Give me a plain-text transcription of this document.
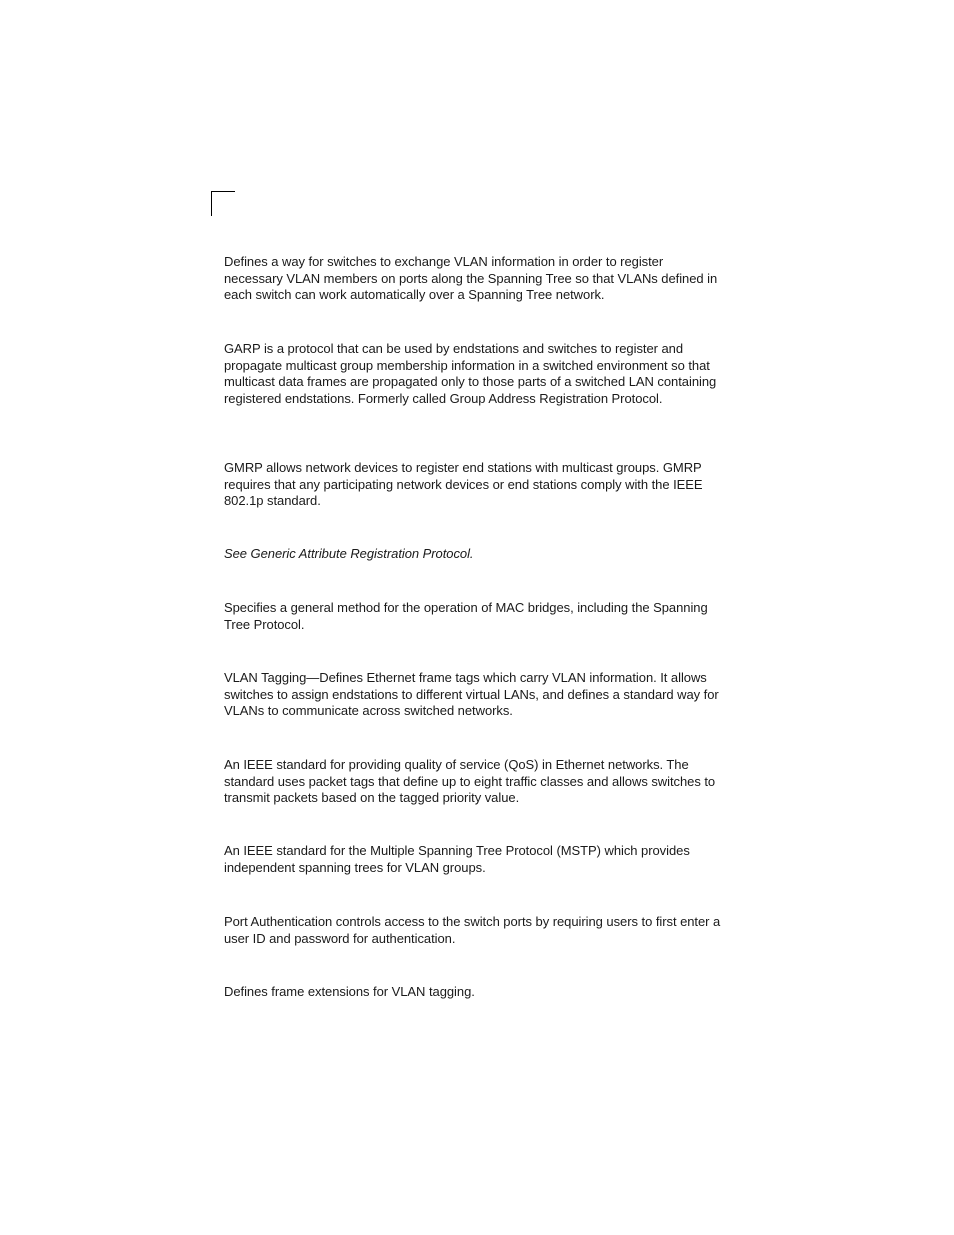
Defines a way for switches to exchange VLAN information in order to register necessary VLAN members on ports along the Spanning Tree so that VLANs defined in each switch can work automatically over a Spanning Tree network.

GARP is a protocol that can be used by endstations and switches to register and propagate multicast group membership information in a switched environment so that multicast data frames are propagated only to those parts of a switched LAN containing registered endstations. Formerly called Group Address Registration Protocol.

GMRP allows network devices to register end stations with multicast groups. GMRP requires that any participating network devices or end stations comply with the IEEE 802.1p standard.

See Generic Attribute Registration Protocol.

Specifies a general method for the operation of MAC bridges, including the Spanning Tree Protocol.

VLAN Tagging—Defines Ethernet frame tags which carry VLAN information. It allows switches to assign endstations to different virtual LANs, and defines a standard way for VLANs to communicate across switched networks.

An IEEE standard for providing quality of service (QoS) in Ethernet networks. The standard uses packet tags that define up to eight traffic classes and allows switches to transmit packets based on the tagged priority value.

An IEEE standard for the Multiple Spanning Tree Protocol (MSTP) which provides independent spanning trees for VLAN groups.

Port Authentication controls access to the switch ports by requiring users to first enter a user ID and password for authentication.

Defines frame extensions for VLAN tagging.
